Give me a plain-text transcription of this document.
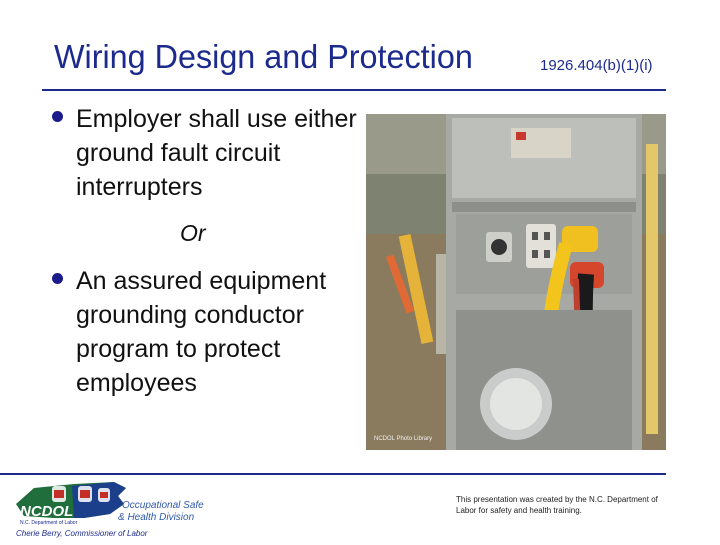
Wiring Design and Protection	1926.404(b)(1)(i)
Employer shall use either ground fault circuit interrupters
Or
An assured equipment grounding conductor program to protect employees
NCDOL Photo Library
NCDOL
N.C. Department of Labor
Occupational Safety
& Health Division
Cherie Berry, Commissioner of Labor
This presentation was created by the N.C. Department of Labor for safety and health training.
